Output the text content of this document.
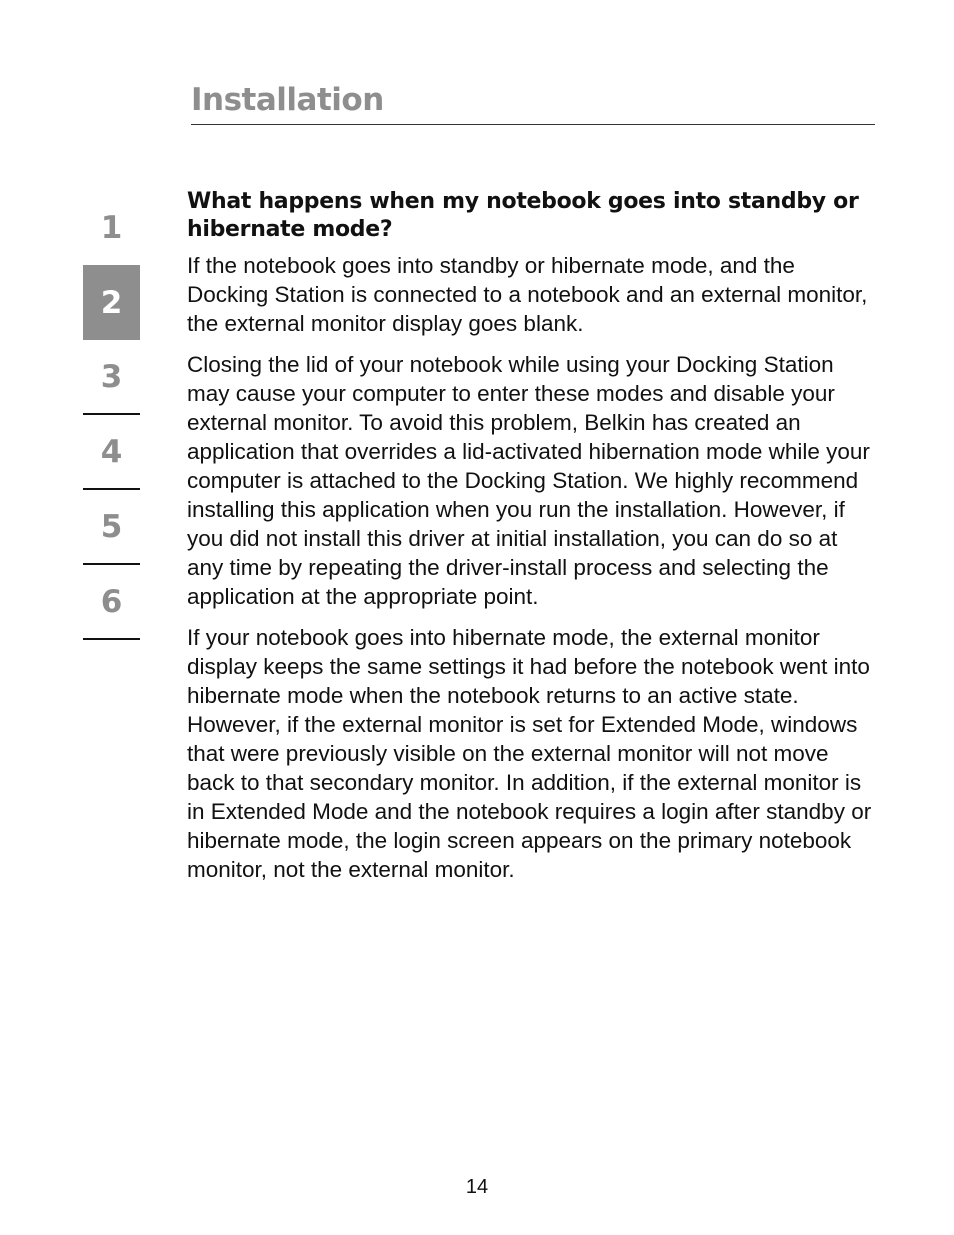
Installation
1
2
3
4
5
6
What happens when my notebook goes into standby or hibernate mode?

If the notebook goes into standby or hibernate mode, and the Docking Station is connected to a notebook and an external monitor, the external monitor display goes blank.

Closing the lid of your notebook while using your Docking Station may cause your computer to enter these modes and disable your external monitor. To avoid this problem, Belkin has created an application that overrides a lid-activated hibernation mode while your computer is attached to the Docking Station. We highly recommend installing this application when you run the installation. However, if you did not install this driver at initial installation, you can do so at any time by repeating the driver-install process and selecting the application at the appropriate point.

If your notebook goes into hibernate mode, the external monitor display keeps the same settings it had before the notebook went into hibernate mode when the notebook returns to an active state. However, if the external monitor is set for Extended Mode, windows that were previously visible on the external monitor will not move back to that secondary monitor. In addition, if the external monitor is in Extended Mode and the notebook requires a login after standby or hibernate mode, the login screen appears on the primary notebook monitor, not the external monitor.

14
